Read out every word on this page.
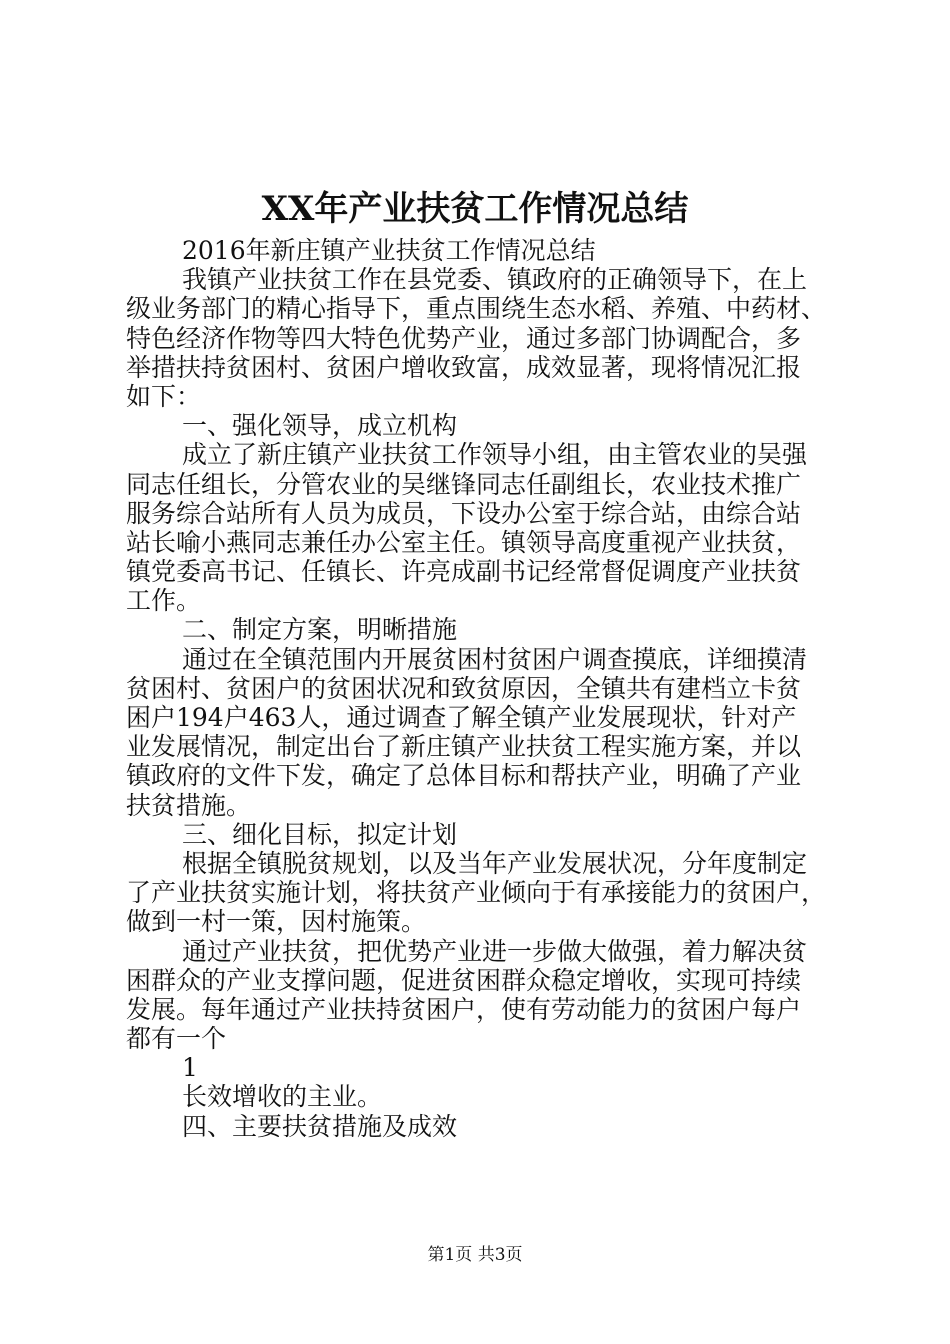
XX年产业扶贫工作情况总结
2016年新庄镇产业扶贫工作情况总结
我镇产业扶贫工作在县党委、镇政府的正确领导下，在上
级业务部门的精心指导下，重点围绕生态水稻、养殖、中药材、
特色经济作物等四大特色优势产业，通过多部门协调配合，多
举措扶持贫困村、贫困户增收致富，成效显著，现将情况汇报
如下：
一、强化领导，成立机构
成立了新庄镇产业扶贫工作领导小组，由主管农业的吴强
同志任组长，分管农业的吴继锋同志任副组长，农业技术推广
服务综合站所有人员为成员，下设办公室于综合站，由综合站
站长喻小燕同志兼任办公室主任。镇领导高度重视产业扶贫，
镇党委高书记、任镇长、许亮成副书记经常督促调度产业扶贫
工作。
二、制定方案，明晰措施
通过在全镇范围内开展贫困村贫困户调查摸底，详细摸清
贫困村、贫困户的贫困状况和致贫原因，全镇共有建档立卡贫
困户194户463人，通过调查了解全镇产业发展现状，针对产
业发展情况，制定出台了新庄镇产业扶贫工程实施方案，并以
镇政府的文件下发，确定了总体目标和帮扶产业，明确了产业
扶贫措施。
三、细化目标，拟定计划
根据全镇脱贫规划，以及当年产业发展状况，分年度制定
了产业扶贫实施计划，将扶贫产业倾向于有承接能力的贫困户，
做到一村一策，因村施策。
通过产业扶贫，把优势产业进一步做大做强，着力解决贫
困群众的产业支撑问题，促进贫困群众稳定增收，实现可持续
发展。每年通过产业扶持贫困户，使有劳动能力的贫困户每户
都有一个
1
长效增收的主业。
四、主要扶贫措施及成效
第1页 共3页
